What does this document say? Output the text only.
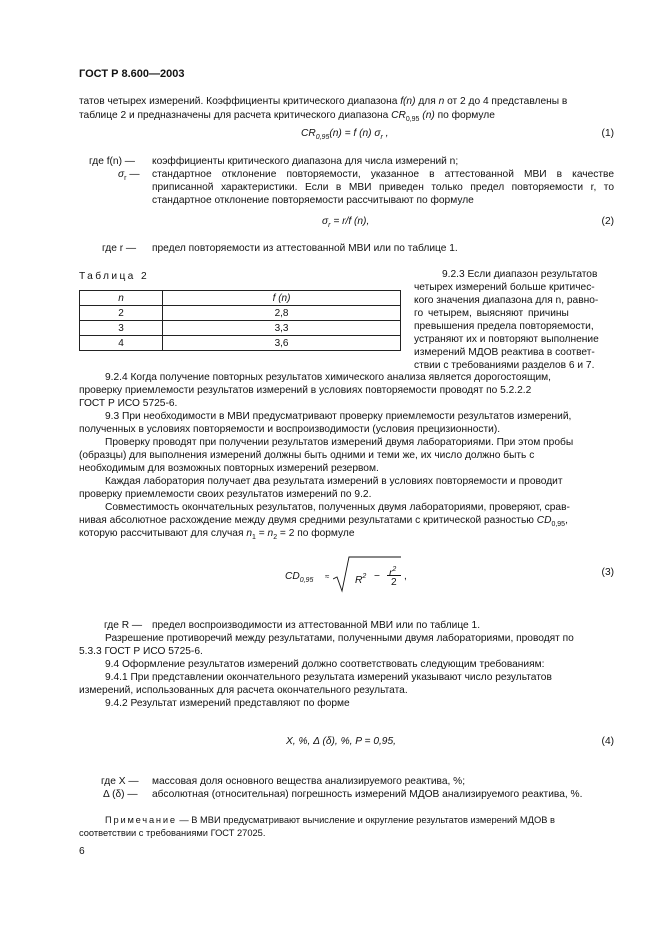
ГОСТ Р 8.600—2003
татов четырех измерений. Коэффициенты критического диапазона f(n) для n от 2 до 4 представлены в
таблице 2 и предназначены для расчета критического диапазона $CR_{0,95}$ (n) по формуле
$CR_{0,95}(n) = f$ (n) $\sigma_r$ ,	(1)
где f(n) — коэффициенты критического диапазона для числа измерений n;
$\sigma_r$ — стандартное отклонение повторяемости, указанное в аттестованной МВИ в качестве
приписанной характеристики. Если в МВИ приведен только предел повторяемости r, то
стандартное отклонение повторяемости рассчитывают по формуле
$\sigma_r = r/f$ (n),	(2)
где r — предел повторяемости из аттестованной МВИ или по таблице 1.
Таблица 2
n	f (n)
2	2,8
3	3,3
4	3,6
9.2.3 Если диапазон результатов
четырех измерений больше критичес-
кого значения диапазона для n, равно-
го четырем, выясняют причины
превышения предела повторяемости,
устраняют их и повторяют выполнение
измерений МДОВ реактива в соответ-
ствии с требованиями разделов 6 и 7.
9.2.4 Когда получение повторных результатов химического анализа является дорогостоящим,
проверку приемлемости результатов измерений в условиях повторяемости проводят по 5.2.2.2
ГОСТ Р ИСО 5725-6.
9.3 При необходимости в МВИ предусматривают проверку приемлемости результатов измерений,
полученных в условиях повторяемости и воспроизводимости (условия прецизионности).
Проверку проводят при получении результатов измерений двумя лабораториями. При этом пробы
(образцы) для выполнения измерений должны быть одними и теми же, их число должно быть с
необходимым для возможных повторных измерений резервом.
Каждая лаборатория получает два результата измерений в условиях повторяемости и проводит
проверку приемлемости своих результатов измерений по 9.2.
Совместимость окончательных результатов, полученных двумя лабораториями, проверяют, срав-
нивая абсолютное расхождение между двумя средними результатами с критической разностью $CD_{0,95}$,
которую рассчитывают для случая $n_1 = n_2 = 2$ по формуле
$CD_{0,95}$ ≈	$R^2 - r^2$
2
,	(3)
где R — предел воспроизводимости из аттестованной МВИ или по таблице 1.
Разрешение противоречий между результатами, полученными двумя лабораториями, проводят по
5.3.3 ГОСТ Р ИСО 5725-6.
9.4 Оформление результатов измерений должно соответствовать следующим требованиям:
9.4.1 При представлении окончательного результата измерений указывают число результатов
измерений, использованных для расчета окончательного результата.
9.4.2 Результат измерений представляют по форме
X, %, Δ (δ), %, P = 0,95,	(4)
где X — массовая доля основного вещества анализируемого реактива, %;
Δ (δ) — абсолютная (относительная) погрешность измерений МДОВ анализируемого реактива, %.
Примечание — В МВИ предусматривают вычисление и округление результатов измерений МДОВ в
соответствии с требованиями ГОСТ 27025.
6
